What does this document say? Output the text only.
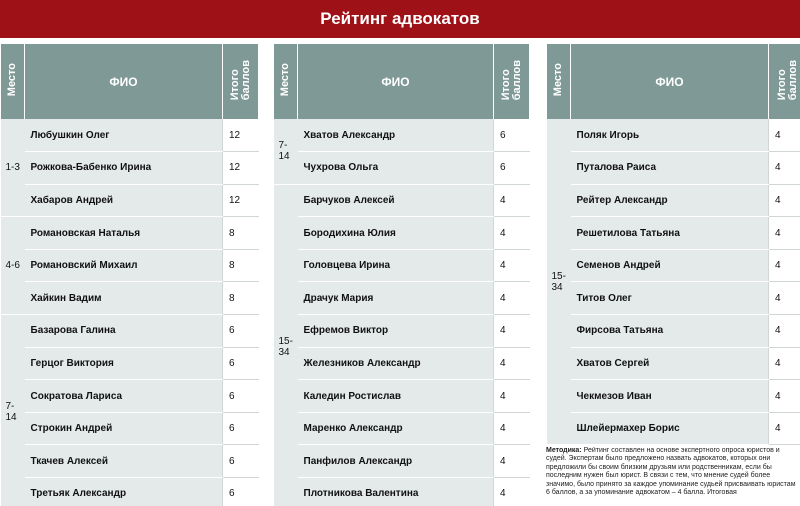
Рейтинг адвокатов
Место	ФИО	Итого
баллов
1-3	Любушкин Олег	12
	Рожкова-Бабенко Ирина	12
	Хабаров Андрей	12
4-6	Романовская Наталья	8
	Романовский Михаил	8
	Хайкин Вадим	8
7-14	Базарова Галина	6
	Герцог Виктория	6
	Сократова Лариса	6
	Строкин Андрей	6
	Ткачев Алексей	6
	Третьяк Александр	6
Место	ФИО	Итого
баллов
7-14	Хватов Александр	6
	Чухрова Ольга	6
15-34	Барчуков Алексей	4
	Бородихина Юлия	4
	Головцева Ирина	4
	Драчук Мария	4
	Ефремов Виктор	4
	Железников Александр	4
	Каледин Ростислав	4
	Маренко Александр	4
	Панфилов Александр	4
	Плотникова Валентина	4
Место	ФИО	Итого
баллов
15-34	Поляк Игорь	4
	Путалова Раиса	4
	Рейтер Александр	4
	Решетилова Татьяна	4
	Семенов Андрей	4
	Титов Олег	4
	Фирсова Татьяна	4
	Хватов Сергей	4
	Чекмезов Иван	4
	Шлейермахер Борис	4
Методика: Рейтинг составлен на основе экспертного опроса юристов и судей. Экспертам было предложено назвать адвокатов, которых они предложили бы своим близким друзьям или родственникам, если бы последним нужен был юрист. В связи с тем, что мнение судей более значимо, было принято за каждое упоминание судьей присваивать юристам 6 баллов, а за упоминание адвокатом – 4 балла. Итоговая
